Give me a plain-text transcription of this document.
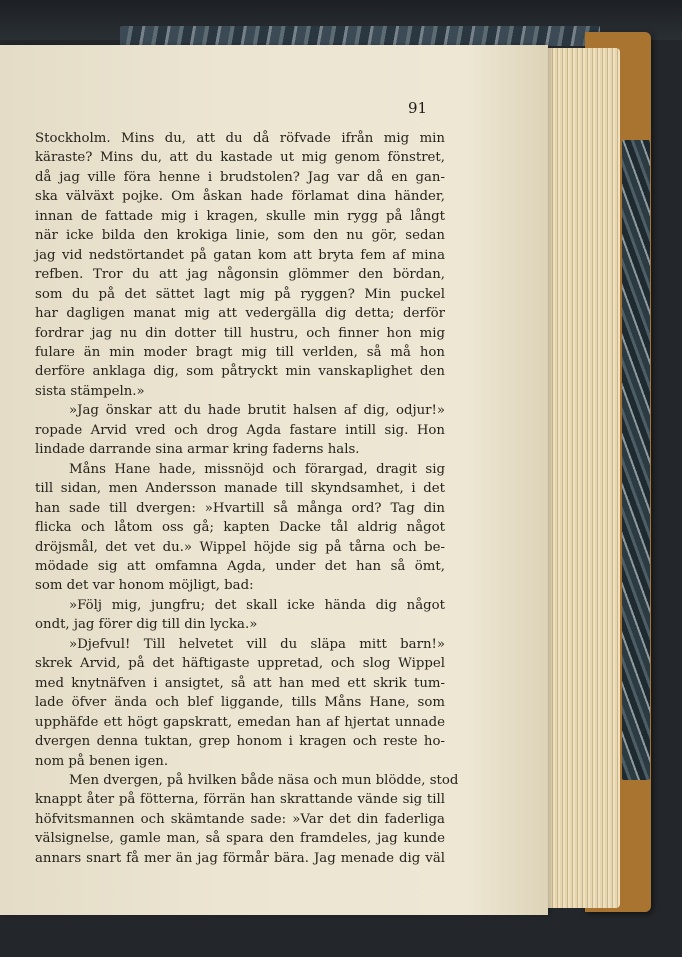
91
Stockholm. Mins du, att du då röfvade ifrån mig min
käraste? Mins du, att du kastade ut mig genom fönstret,
då jag ville föra henne i brudstolen? Jag var då en gan-
ska välväxt pojke. Om åskan hade förlamat dina händer,
innan de fattade mig i kragen, skulle min rygg på långt
när icke bilda den krokiga linie, som den nu gör, sedan
jag vid nedstörtandet på gatan kom att bryta fem af mina
refben. Tror du att jag någonsin glömmer den bördan,
som du på det sättet lagt mig på ryggen? Min puckel
har dagligen manat mig att vedergälla dig detta; derför
fordrar jag nu din dotter till hustru, och finner hon mig
fulare än min moder bragt mig till verlden, så må hon
derföre anklaga dig, som påtryckt min vanskaplighet den
sista stämpeln.»
»Jag önskar att du hade brutit halsen af dig, odjur!»
ropade Arvid vred och drog Agda fastare intill sig. Hon
lindade darrande sina armar kring faderns hals.
Måns Hane hade, missnöjd och förargad, dragit sig
till sidan, men Andersson manade till skyndsamhet, i det
han sade till dvergen: »Hvartill så många ord? Tag din
flicka och låtom oss gå; kapten Dacke tål aldrig något
dröjsmål, det vet du.» Wippel höjde sig på tårna och be-
mödade sig att omfamna Agda, under det han så ömt,
som det var honom möjligt, bad:
»Följ mig, jungfru; det skall icke hända dig något
ondt, jag förer dig till din lycka.»
»Djefvul! Till helvetet vill du släpa mitt barn!»
skrek Arvid, på det häftigaste uppretad, och slog Wippel
med knytnäfven i ansigtet, så att han med ett skrik tum-
lade öfver ända och blef liggande, tills Måns Hane, som
upphäfde ett högt gapskratt, emedan han af hjertat unnade
dvergen denna tuktan, grep honom i kragen och reste ho-
nom på benen igen.
Men dvergen, på hvilken både näsa och mun blödde, stod
knappt åter på fötterna, förrän han skrattande vände sig till
höfvitsmannen och skämtande sade: »Var det din faderliga
välsignelse, gamle man, så spara den framdeles, jag kunde
annars snart få mer än jag förmår bära. Jag menade dig väl
